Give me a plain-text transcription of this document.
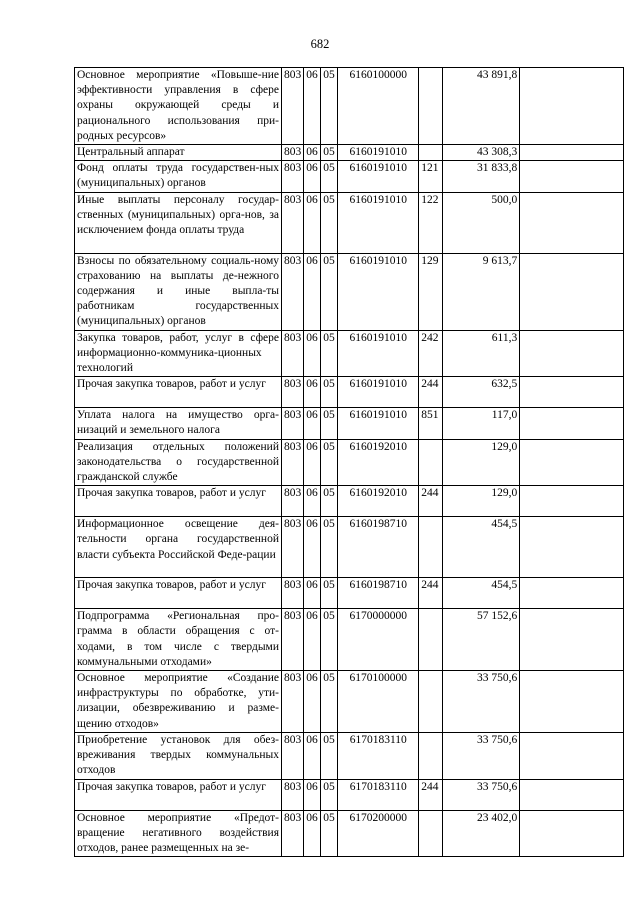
682
Основное мероприятие «Повыше-ние эффективности управления в сфере охраны окружающей среды и рационального использования при-родных ресурсов»	803	06	05	6160100000		43 891,8	
Центральный аппарат	803	06	05	6160191010		43 308,3	
Фонд оплаты труда государствен-ных (муниципальных) органов	803	06	05	6160191010	121	31 833,8	
Иные выплаты персоналу государ-ственных (муниципальных) орга-нов, за исключением фонда оплаты труда	803	06	05	6160191010	122	500,0	
Взносы по обязательному социаль-ному страхованию на выплаты де-нежного содержания и иные выпла-ты работникам государственных (муниципальных) органов	803	06	05	6160191010	129	9 613,7	
Закупка товаров, работ, услуг в сфере информационно-коммуника-ционных технологий	803	06	05	6160191010	242	611,3	
Прочая закупка товаров, работ и услуг	803	06	05	6160191010	244	632,5	
Уплата налога на имущество орга-низаций и земельного налога	803	06	05	6160191010	851	117,0	
Реализация отдельных положений законодательства о государственной гражданской службе	803	06	05	6160192010		129,0	
Прочая закупка товаров, работ и услуг	803	06	05	6160192010	244	129,0	
Информационное освещение дея-тельности органа государственной власти субъекта Российской Феде-рации	803	06	05	6160198710		454,5	
Прочая закупка товаров, работ и услуг	803	06	05	6160198710	244	454,5	
Подпрограмма «Региональная про-грамма в области обращения с от-ходами, в том числе с твердыми коммунальными отходами»	803	06	05	6170000000		57 152,6	
Основное мероприятие «Создание инфраструктуры по обработке, ути-лизации, обезвреживанию и разме-щению отходов»	803	06	05	6170100000		33 750,6	
Приобретение установок для обез-вреживания твердых коммунальных отходов	803	06	05	6170183110		33 750,6	
Прочая закупка товаров, работ и услуг	803	06	05	6170183110	244	33 750,6	
Основное мероприятие «Предот-вращение негативного воздействия отходов, ранее размещенных на зе-	803	06	05	6170200000		23 402,0	
